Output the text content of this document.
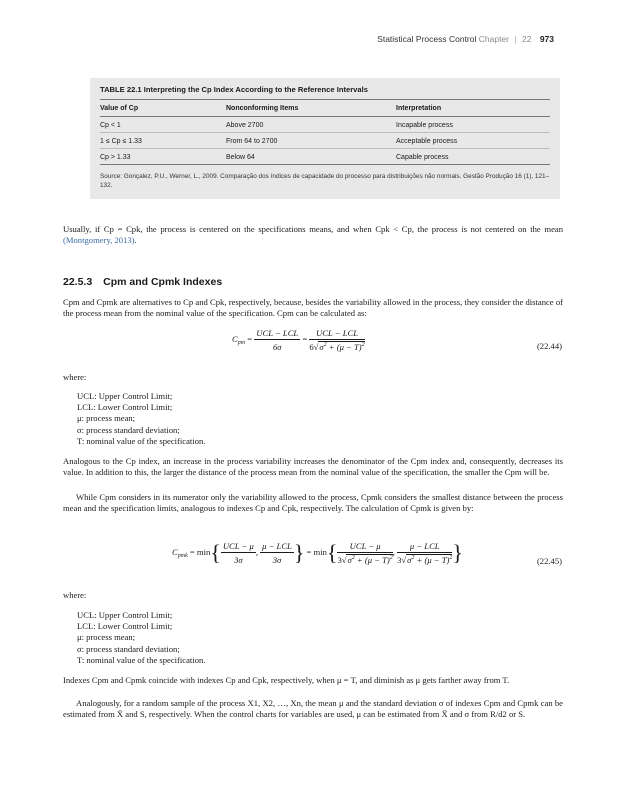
Statistical Process Control Chapter | 22 973
TABLE 22.1 Interpreting the Cp Index According to the Reference Intervals
Value of Cp	Nonconforming Items	Interpretation
Cp < 1	Above 2700	Incapable process
1 ≤ Cp ≤ 1.33	From 64 to 2700	Acceptable process
Cp > 1.33	Below 64	Capable process
Source: Gonçalez, P.U., Werner, L., 2009. Comparação dos índices de capacidade do processo para distribuições não normais. Gestão Produção 16 (1), 121–132.
Usually, if Cp = Cpk, the process is centered on the specifications means, and when Cpk < Cp, the process is not centered on the mean (Montgomery, 2013).
22.5.3 Cpm and Cpmk Indexes
Cpm and Cpmk are alternatives to Cp and Cpk, respectively, because, besides the variability allowed in the process, they consider the distance of the process mean from the nominal value of the specification. Cpm can be calculated as:
$C_{pm}$ =
UCL − LCL
6σ
=
UCL − LCL
$6√\sigma^2 + (\mu - T)^2$	(22.44)
where:
UCL: Upper Control Limit;
LCL: Lower Control Limit;
μ: process mean;
σ: process standard deviation;
T: nominal value of the specification.
Analogous to the Cp index, an increase in the process variability increases the denominator of the Cpm index and, consequently, decreases its value. In addition to this, the larger the distance of the process mean from the nominal value of the specification, the smaller the Cpm will be.
While Cpm considers in its numerator only the variability allowed to the process, Cpmk considers the smallest distance between the process mean and the specification limits, analogous to indexes Cp and Cpk, respectively. The calculation of Cpmk is given by:
$C_{pmk} = \min${ UCL − μ
3σ
,
μ − LCL
3σ } = min{	UCL − μ
$3√\sigma^2 + (\mu - T)^2$
,
μ − LCL
$3√\sigma^2 + (\mu - T)^2$ }	(22.45)
where:
UCL: Upper Control Limit;
LCL: Lower Control Limit;
μ: process mean;
σ: process standard deviation;
T: nominal value of the specification.
Indexes Cpm and Cpmk coincide with indexes Cp and Cpk, respectively, when μ = T, and diminish as μ gets farther away from T.
Analogously, for a random sample of the process X1, X2, …, Xn, the mean μ and the standard deviation σ of indexes Cpm and Cpmk can be estimated from X̄ and S, respectively. When the control charts for variables are used, μ can be estimated from X̄ and σ from R/d2 or S.
